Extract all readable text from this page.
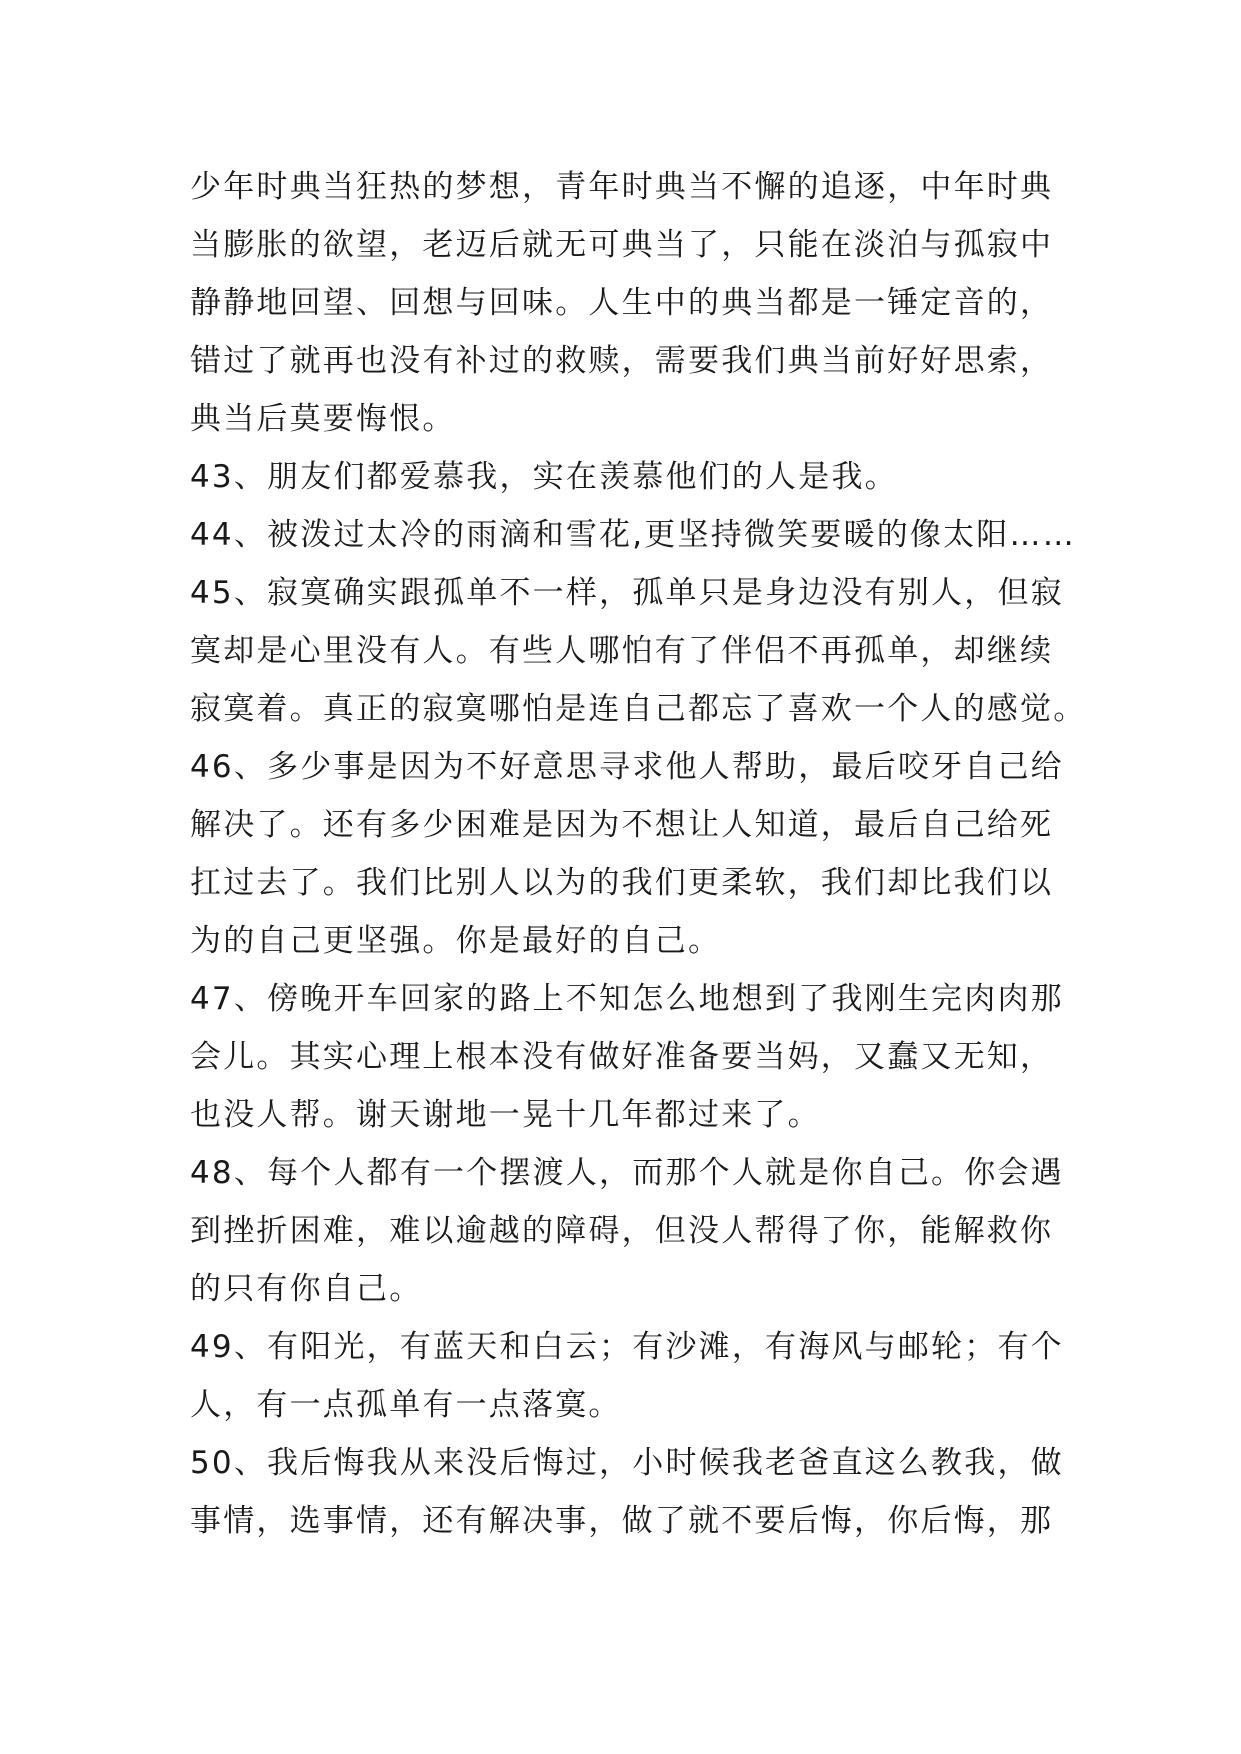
少年时典当狂热的梦想，青年时典当不懈的追逐，中年时典
当膨胀的欲望，老迈后就无可典当了，只能在淡泊与孤寂中
静静地回望、回想与回味。人生中的典当都是一锤定音的，
错过了就再也没有补过的救赎，需要我们典当前好好思索，
典当后莫要悔恨。
43、朋友们都爱慕我，实在羡慕他们的人是我。
44、被泼过太冷的雨滴和雪花,更坚持微笑要暖的像太阳……
45、寂寞确实跟孤单不一样，孤单只是身边没有别人，但寂
寞却是心里没有人。有些人哪怕有了伴侣不再孤单，却继续
寂寞着。真正的寂寞哪怕是连自己都忘了喜欢一个人的感觉。
46、多少事是因为不好意思寻求他人帮助，最后咬牙自己给
解决了。还有多少困难是因为不想让人知道，最后自己给死
扛过去了。我们比别人以为的我们更柔软，我们却比我们以
为的自己更坚强。你是最好的自己。
47、傍晚开车回家的路上不知怎么地想到了我刚生完肉肉那
会儿。其实心理上根本没有做好准备要当妈，又蠢又无知，
也没人帮。谢天谢地一晃十几年都过来了。
48、每个人都有一个摆渡人，而那个人就是你自己。你会遇
到挫折困难，难以逾越的障碍，但没人帮得了你，能解救你
的只有你自己。
49、有阳光，有蓝天和白云；有沙滩，有海风与邮轮；有个
人，有一点孤单有一点落寞。
50、我后悔我从来没后悔过，小时候我老爸直这么教我，做
事情，选事情，还有解决事，做了就不要后悔，你后悔，那
